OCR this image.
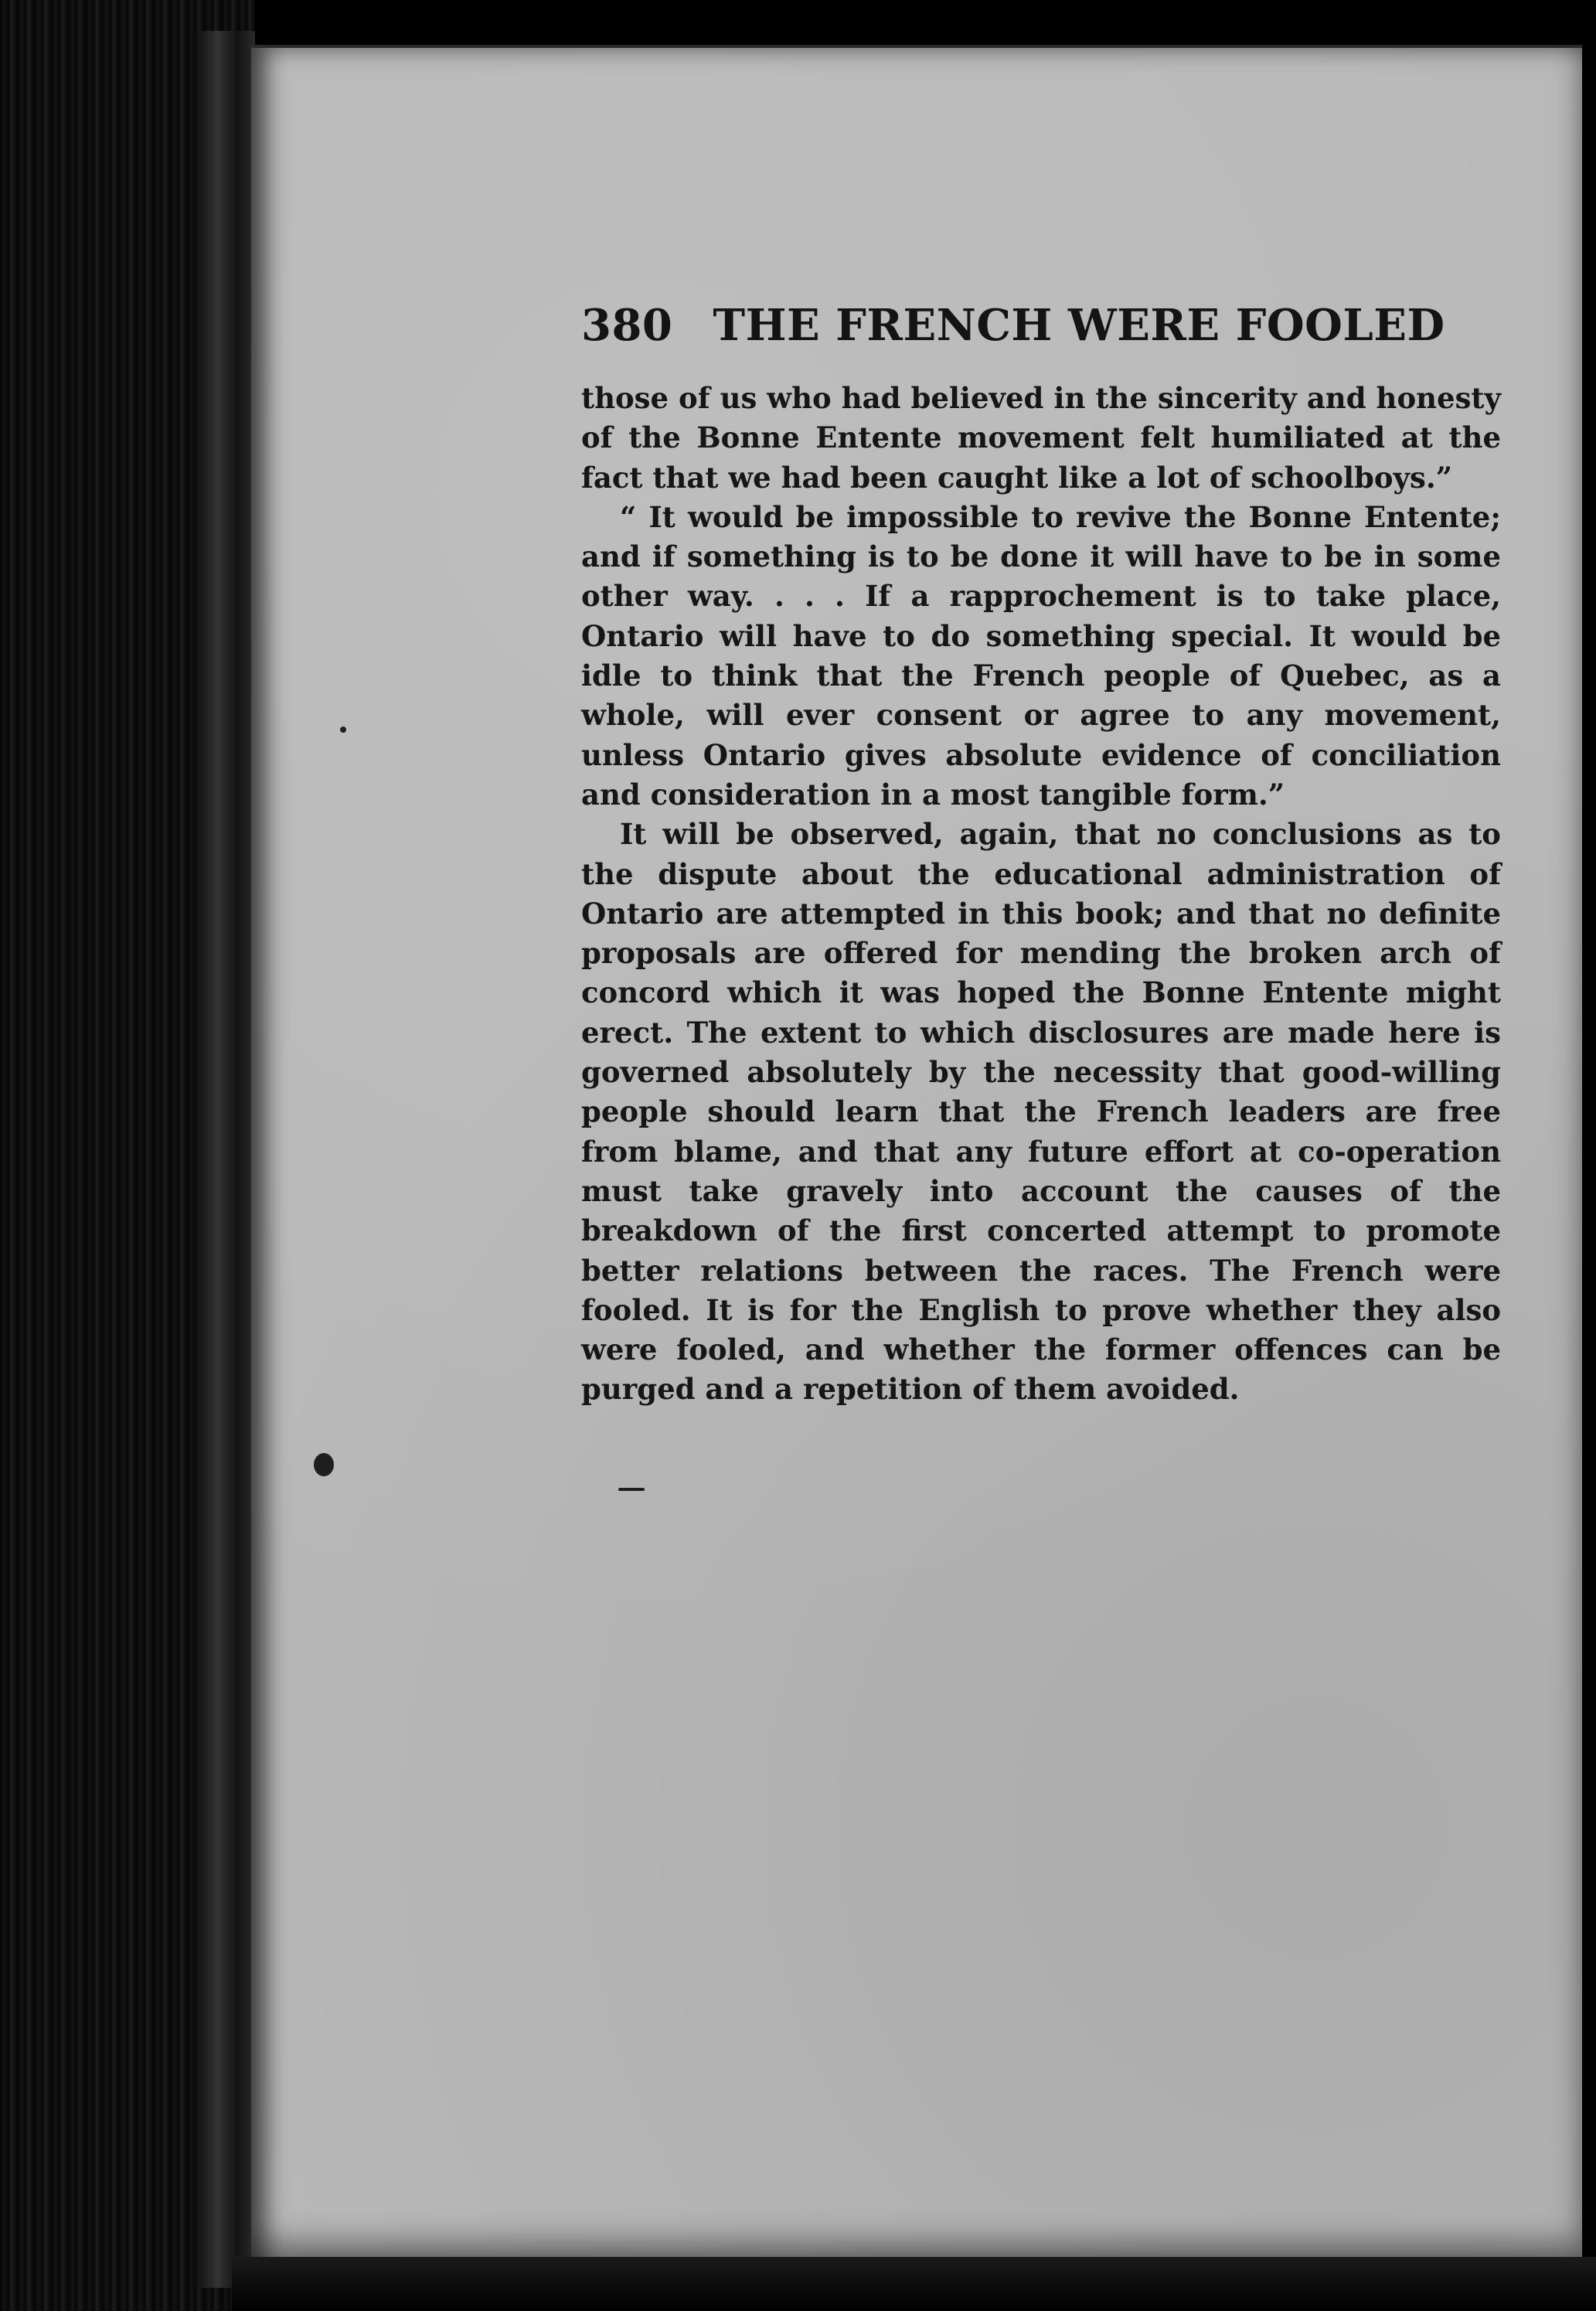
380 THE FRENCH WERE FOOLED

those of us who had believed in the sincerity and honesty of the Bonne Entente movement felt humiliated at the fact that we had been caught like a lot of schoolboys.”

“ It would be impossible to revive the Bonne Entente; and if something is to be done it will have to be in some other way. . . . If a rapprochement is to take place, Ontario will have to do something special. It would be idle to think that the French people of Quebec, as a whole, will ever consent or agree to any movement, unless Ontario gives absolute evidence of conciliation and consideration in a most tangible form.”

It will be observed, again, that no conclusions as to the dispute about the educational administration of Ontario are attempted in this book; and that no definite proposals are offered for mending the broken arch of concord which it was hoped the Bonne Entente might erect. The extent to which disclosures are made here is governed absolutely by the necessity that good-willing people should learn that the French leaders are free from blame, and that any future effort at co-operation must take gravely into account the causes of the breakdown of the first concerted attempt to promote better relations between the races. The French were fooled. It is for the English to prove whether they also were fooled, and whether the former offences can be purged and a repetition of them avoided.
